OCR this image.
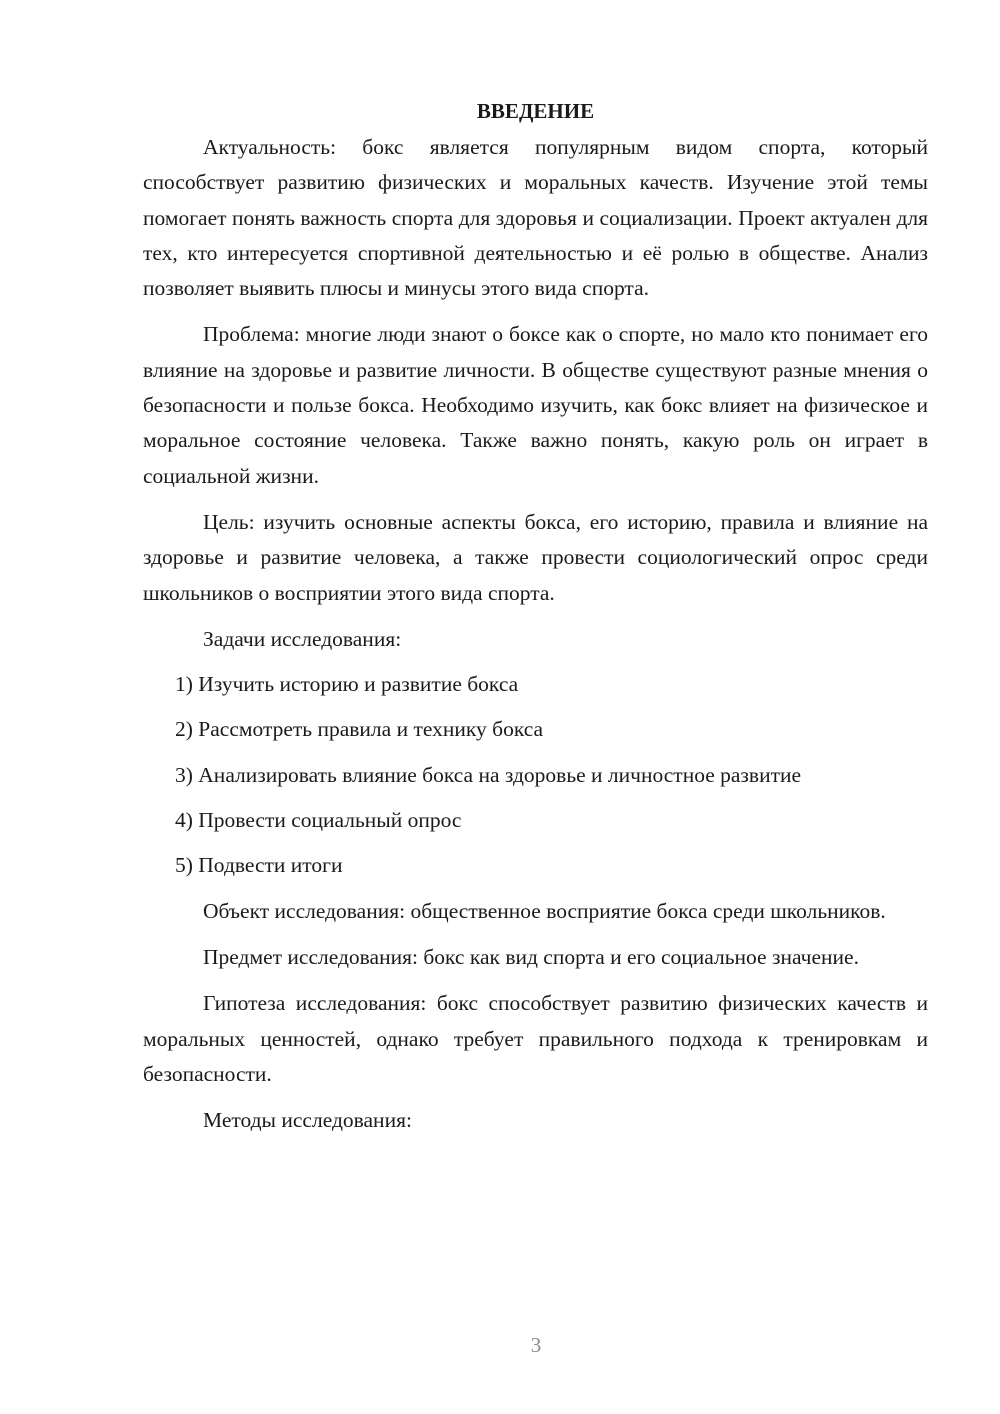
ВВЕДЕНИЕ

Актуальность: бокс является популярным видом спорта, который способствует развитию физических и моральных качеств. Изучение этой темы помогает понять важность спорта для здоровья и социализации. Проект актуален для тех, кто интересуется спортивной деятельностью и её ролью в обществе. Анализ позволяет выявить плюсы и минусы этого вида спорта.

Проблема: многие люди знают о боксе как о спорте, но мало кто понимает его влияние на здоровье и развитие личности. В обществе существуют разные мнения о безопасности и пользе бокса. Необходимо изучить, как бокс влияет на физическое и моральное состояние человека. Также важно понять, какую роль он играет в социальной жизни.

Цель: изучить основные аспекты бокса, его историю, правила и влияние на здоровье и развитие человека, а также провести социологический опрос среди школьников о восприятии этого вида спорта.

Задачи исследования:

1) Изучить историю и развитие бокса
2) Рассмотреть правила и технику бокса
3) Анализировать влияние бокса на здоровье и личностное развитие
4) Провести социальный опрос
5) Подвести итоги

Объект исследования: общественное восприятие бокса среди школьников.

Предмет исследования: бокс как вид спорта и его социальное значение.

Гипотеза исследования: бокс способствует развитию физических качеств и моральных ценностей, однако требует правильного подхода к тренировкам и безопасности.

Методы исследования:

3
